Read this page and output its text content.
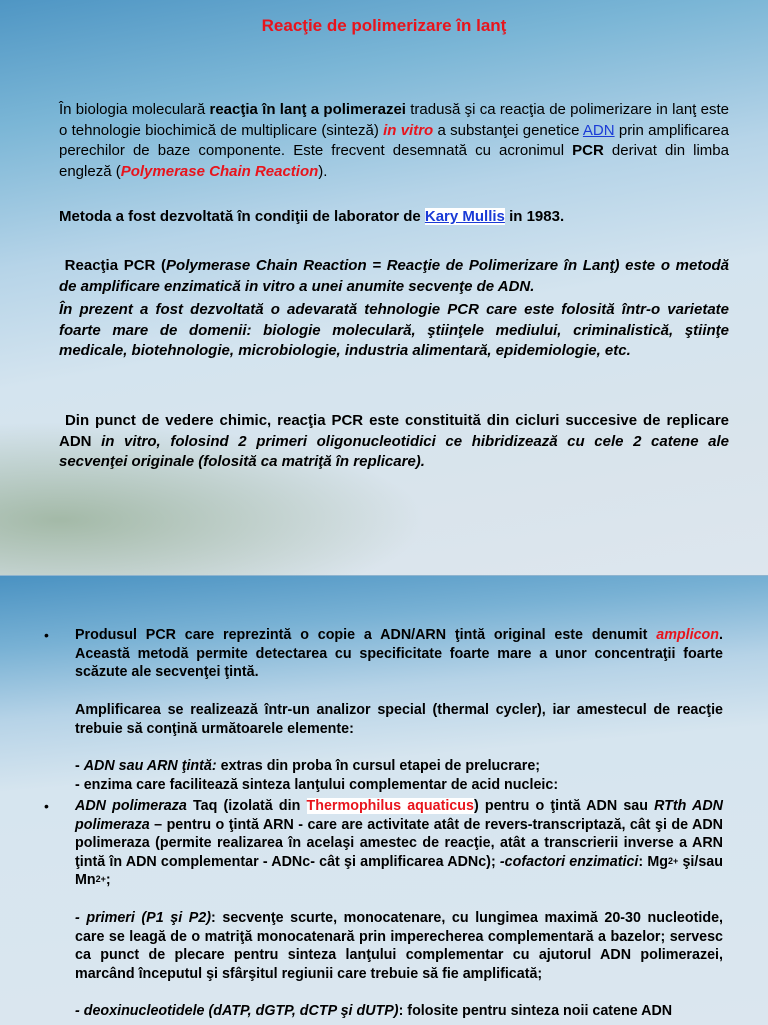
Reacţie de polimerizare în lanţ
În biologia moleculară reacţia în lanţ a polimerazei tradusă şi ca reacţia de polimerizare in lanţ este o tehnologie biochimică de multiplicare (sinteză) in vitro a substanţei genetice ADN prin amplificarea perechilor de baze componente. Este frecvent desemnată cu acronimul PCR derivat din limba engleză (Polymerase Chain Reaction).
Metoda a fost dezvoltată în condiţii de laborator de Kary Mullis in 1983.
Reacţia PCR (Polymerase Chain Reaction = Reacţie de Polimerizare în Lanţ) este o metodă de amplificare enzimatică in vitro a unei anumite secvenţe de ADN.
În prezent a fost dezvoltată o adevarată tehnologie PCR care este folosită într-o varietate foarte mare de domenii: biologie moleculară, ştiinţele mediului, criminalistică, ştiinţe medicale, biotehnologie, microbiologie, industria alimentară, epidemiologie, etc.
Din punct de vedere chimic, reacţia PCR este constituită din cicluri succesive de replicare ADN in vitro, folosind 2 primeri oligonucleotidici ce hibridizează cu cele 2 catene ale secvenţei originale (folosită ca matriţă în replicare).
• Produsul PCR care reprezintă o copie a ADN/ARN ţintă original este denumit amplicon. Această metodă permite detectarea cu specificitate foarte mare a unor concentraţii foarte scăzute ale secvenţei ţintă.
Amplificarea se realizează într-un analizor special (thermal cycler), iar amestecul de reacţie trebuie să conţină următoarele elemente:
- ADN sau ARN ţintă: extras din proba în cursul etapei de prelucrare;
- enzima care facilitează sinteza lanţului complementar de acid nucleic:
• ADN polimeraza Taq (izolată din Thermophilus aquaticus) pentru o ţintă ADN sau RTth ADN polimeraza – pentru o ţintă ARN - care are activitate atât de revers-transcriptază, cât şi de ADN polimeraza (permite realizarea în acelaşi amestec de reacţie, atât a transcrierii inverse a ARN ţintă în ADN complementar - ADNc- cât şi amplificarea ADNc); -cofactori enzimatici: $Mg^{2+}$ şi/sau $Mn^{2+}$;
- primeri (P1 şi P2): secvenţe scurte, monocatenare, cu lungimea maximă 20-30 nucleotide, care se leagă de o matriţă monocatenară prin imperecherea complementară a bazelor; servesc ca punct de plecare pentru sinteza lanţului complementar cu ajutorul ADN polimerazei, marcând începutul şi sfârşitul regiunii care trebuie să fie amplificată;
- deoxinucleotidele (dATP, dGTP, dCTP şi dUTP): folosite pentru sinteza noii catene ADN
